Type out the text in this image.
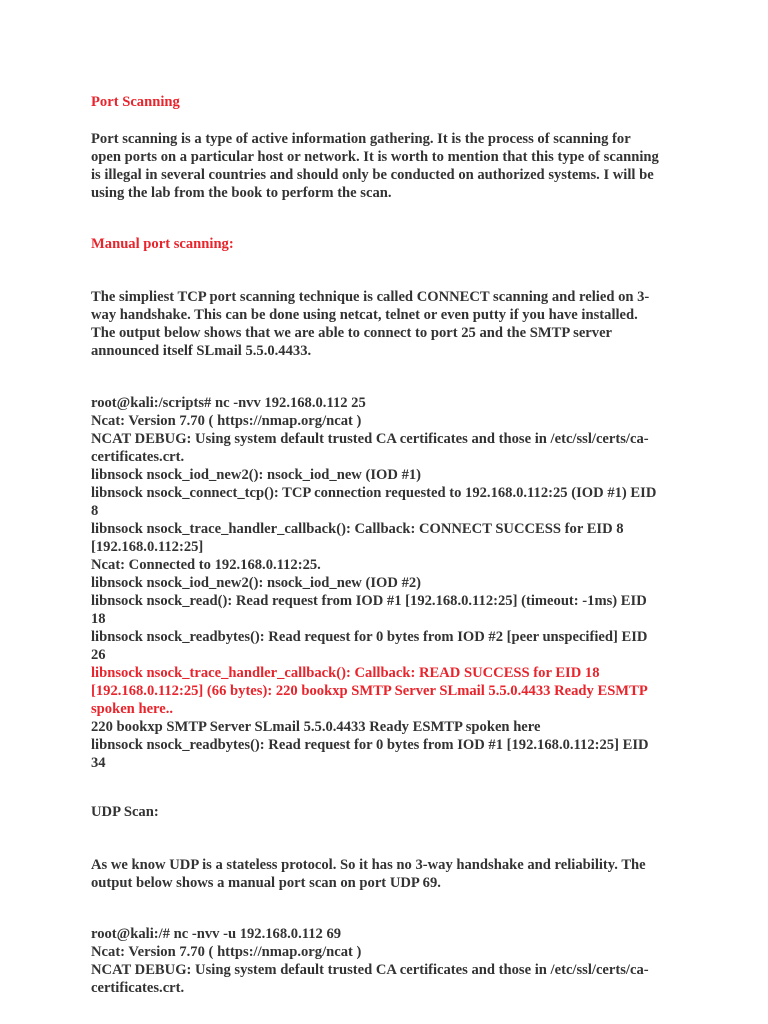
Port Scanning
Port scanning is a type of active information gathering. It is the process of scanning for
open ports on a particular host or network. It is worth to mention that this type of scanning
is illegal in several countries and should only be conducted on authorized systems. I will be
using the lab from the book to perform the scan.
Manual port scanning:
The simpliest TCP port scanning technique is called CONNECT scanning and relied on 3-
way handshake. This can be done using netcat, telnet or even putty if you have installed.
The output below shows that we are able to connect to port 25 and the SMTP server
announced itself SLmail 5.5.0.4433.
root@kali:/scripts# nc -nvv 192.168.0.112 25
Ncat: Version 7.70 ( https://nmap.org/ncat )
NCAT DEBUG: Using system default trusted CA certificates and those in /etc/ssl/certs/ca-
certificates.crt.
libnsock nsock_iod_new2(): nsock_iod_new (IOD #1)
libnsock nsock_connect_tcp(): TCP connection requested to 192.168.0.112:25 (IOD #1) EID
8
libnsock nsock_trace_handler_callback(): Callback: CONNECT SUCCESS for EID 8
[192.168.0.112:25]
Ncat: Connected to 192.168.0.112:25.
libnsock nsock_iod_new2(): nsock_iod_new (IOD #2)
libnsock nsock_read(): Read request from IOD #1 [192.168.0.112:25] (timeout: -1ms) EID
18
libnsock nsock_readbytes(): Read request for 0 bytes from IOD #2 [peer unspecified] EID
26
libnsock nsock_trace_handler_callback(): Callback: READ SUCCESS for EID 18
[192.168.0.112:25] (66 bytes): 220 bookxp SMTP Server SLmail 5.5.0.4433 Ready ESMTP
spoken here..
220 bookxp SMTP Server SLmail 5.5.0.4433 Ready ESMTP spoken here
libnsock nsock_readbytes(): Read request for 0 bytes from IOD #1 [192.168.0.112:25] EID
34
UDP Scan:
As we know UDP is a stateless protocol. So it has no 3-way handshake and reliability. The
output below shows a manual port scan on port UDP 69.
root@kali:/# nc -nvv -u 192.168.0.112 69
Ncat: Version 7.70 ( https://nmap.org/ncat )
NCAT DEBUG: Using system default trusted CA certificates and those in /etc/ssl/certs/ca-
certificates.crt.
